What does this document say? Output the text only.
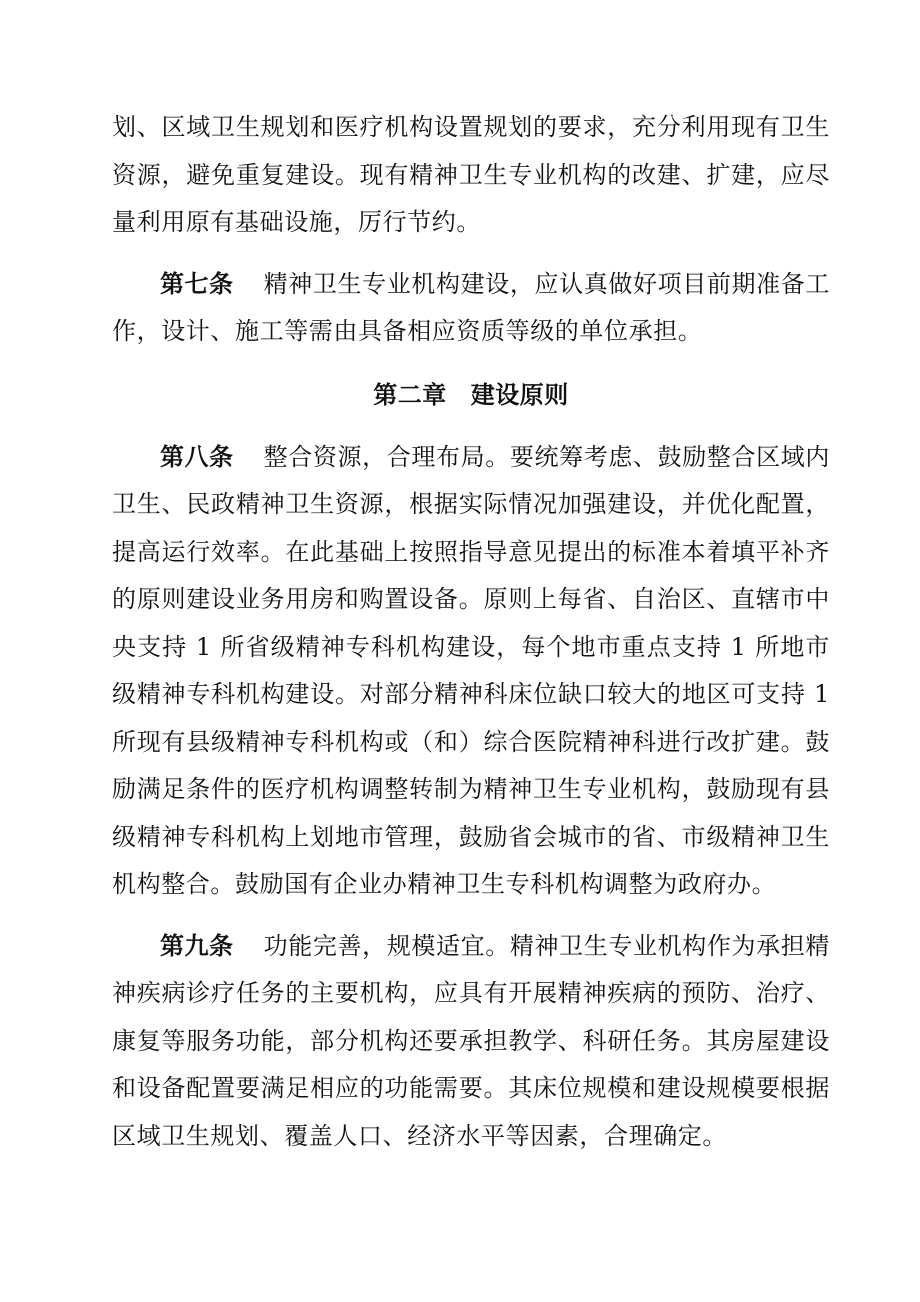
划、区域卫生规划和医疗机构设置规划的要求，充分利用现有卫生资源，避免重复建设。现有精神卫生专业机构的改建、扩建，应尽量利用原有基础设施，厉行节约。

第七条 精神卫生专业机构建设，应认真做好项目前期准备工作，设计、施工等需由具备相应资质等级的单位承担。

第二章 建设原则

第八条 整合资源，合理布局。要统筹考虑、鼓励整合区域内卫生、民政精神卫生资源，根据实际情况加强建设，并优化配置，提高运行效率。在此基础上按照指导意见提出的标准本着填平补齐的原则建设业务用房和购置设备。原则上每省、自治区、直辖市中央支持 1 所省级精神专科机构建设，每个地市重点支持 1 所地市级精神专科机构建设。对部分精神科床位缺口较大的地区可支持 1 所现有县级精神专科机构或（和）综合医院精神科进行改扩建。鼓励满足条件的医疗机构调整转制为精神卫生专业机构，鼓励现有县级精神专科机构上划地市管理，鼓励省会城市的省、市级精神卫生机构整合。鼓励国有企业办精神卫生专科机构调整为政府办。

第九条 功能完善，规模适宜。精神卫生专业机构作为承担精神疾病诊疗任务的主要机构，应具有开展精神疾病的预防、治疗、康复等服务功能，部分机构还要承担教学、科研任务。其房屋建设和设备配置要满足相应的功能需要。其床位规模和建设规模要根据区域卫生规划、覆盖人口、经济水平等因素，合理确定。
